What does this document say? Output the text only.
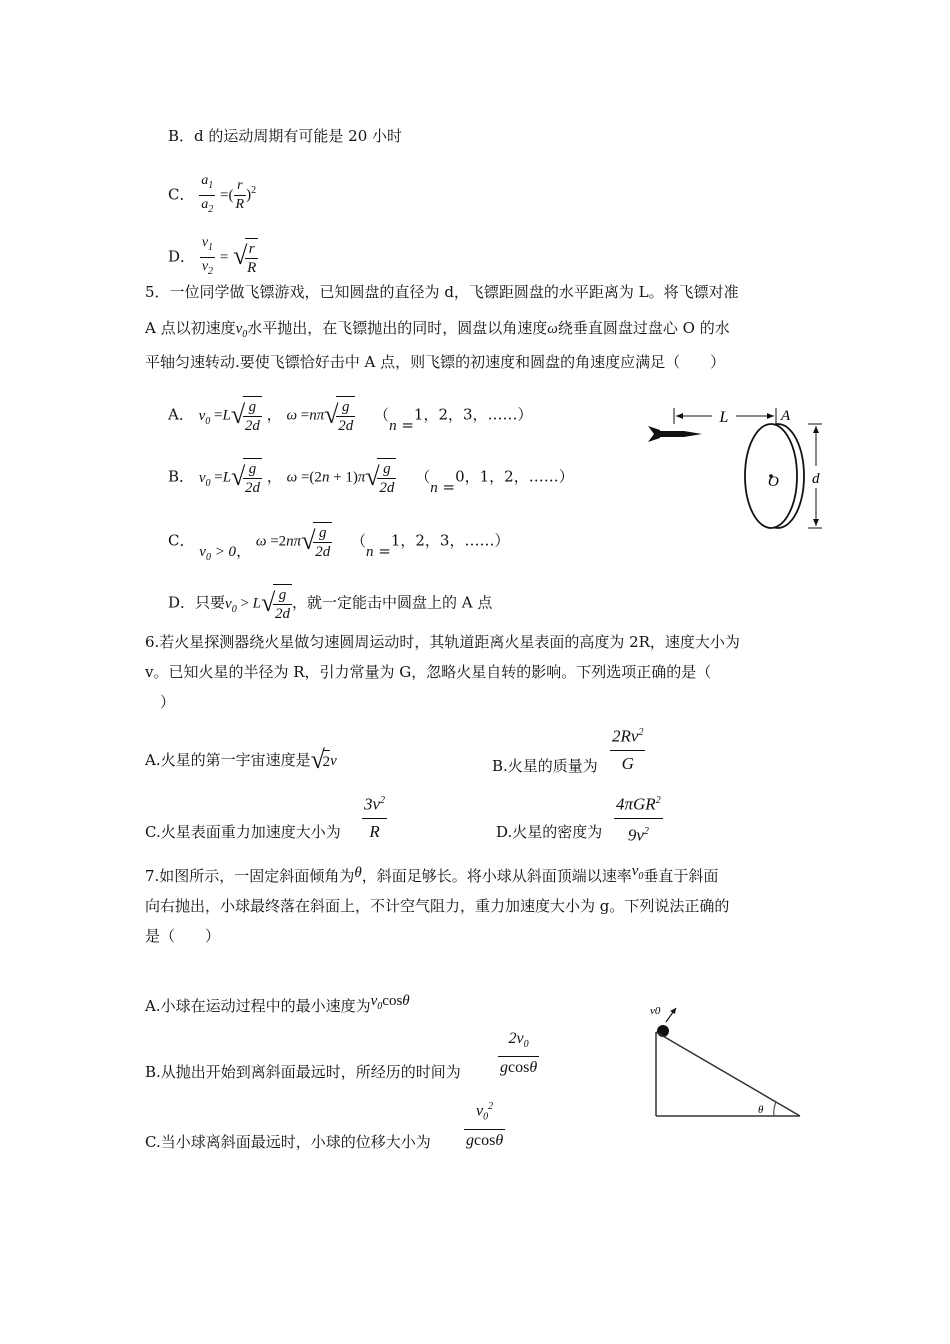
B．d 的运动周期有可能是 20 小时
C． $\frac{a_1}{a_2}$ =( $\frac{r}{R} )^2$
D． $\frac{v_1}{v_2}$ = √ $\frac{r}{R}$
5．一位同学做飞镖游戏，已知圆盘的直径为 d，飞镖距圆盘的水平距离为 L。将飞镖对准
A 点以初速度$v_0$水平抛出，在飞镖抛出的同时，圆盘以角速度ω绕垂直圆盘过盘心 O 的水
平轴匀速转动.要使飞镖恰好击中 A 点，则飞镖的初速度和圆盘的角速度应满足（　　）
A． $v_0 =L$ √ $\frac{g}{2d}$ ， ω =nπ √ $\frac{g}{2d} (n =1$，2，3，……）
B． $v_0 =L$ √ $\frac{g}{2d}$ ， ω =(2n + 1)π √ $\frac{g}{2d} (n =0$，1，2，……）
C． $v_0 > 0$， ω =2nπ √ $\frac{g}{2d} (n =1$，2，3，……）
D．只要$v_0 > L$ √ $\frac{g}{2d}$ ，就一定能击中圆盘上的 A 点
L	A
O d
6.若火星探测器绕火星做匀速圆周运动时，其轨道距离火星表面的高度为 2R，速度大小为
v。已知火星的半径为 R，引力常量为 G，忽略火星自转的影响。下列选项正确的是（
）
A.火星的第一宇宙速度是 √ 2v	B.火星的质量为 $\frac{2Rv^2}{G}$
C.火星表面重力加速度大小为 $\frac{3v^2}{R}$	D.火星的密度为 $\frac{4\pi GR^2}{9v^2}$
7.如图所示，一固定斜面倾角为θ，斜面足够长。将小球从斜面顶端以速率$v_0$垂直于斜面
向右抛出，小球最终落在斜面上，不计空气阻力，重力加速度大小为 g。下列说法正确的
是（　　）
A.小球在运动过程中的最小速度为$v_0\cos\theta$
B.从抛出开始到离斜面最远时，所经历的时间为 $\frac{2v_0}{gcos\theta}$
C.当小球离斜面最远时，小球的位移大小为 $\frac{v_0^2}{gcos\theta}$
v0
θ
